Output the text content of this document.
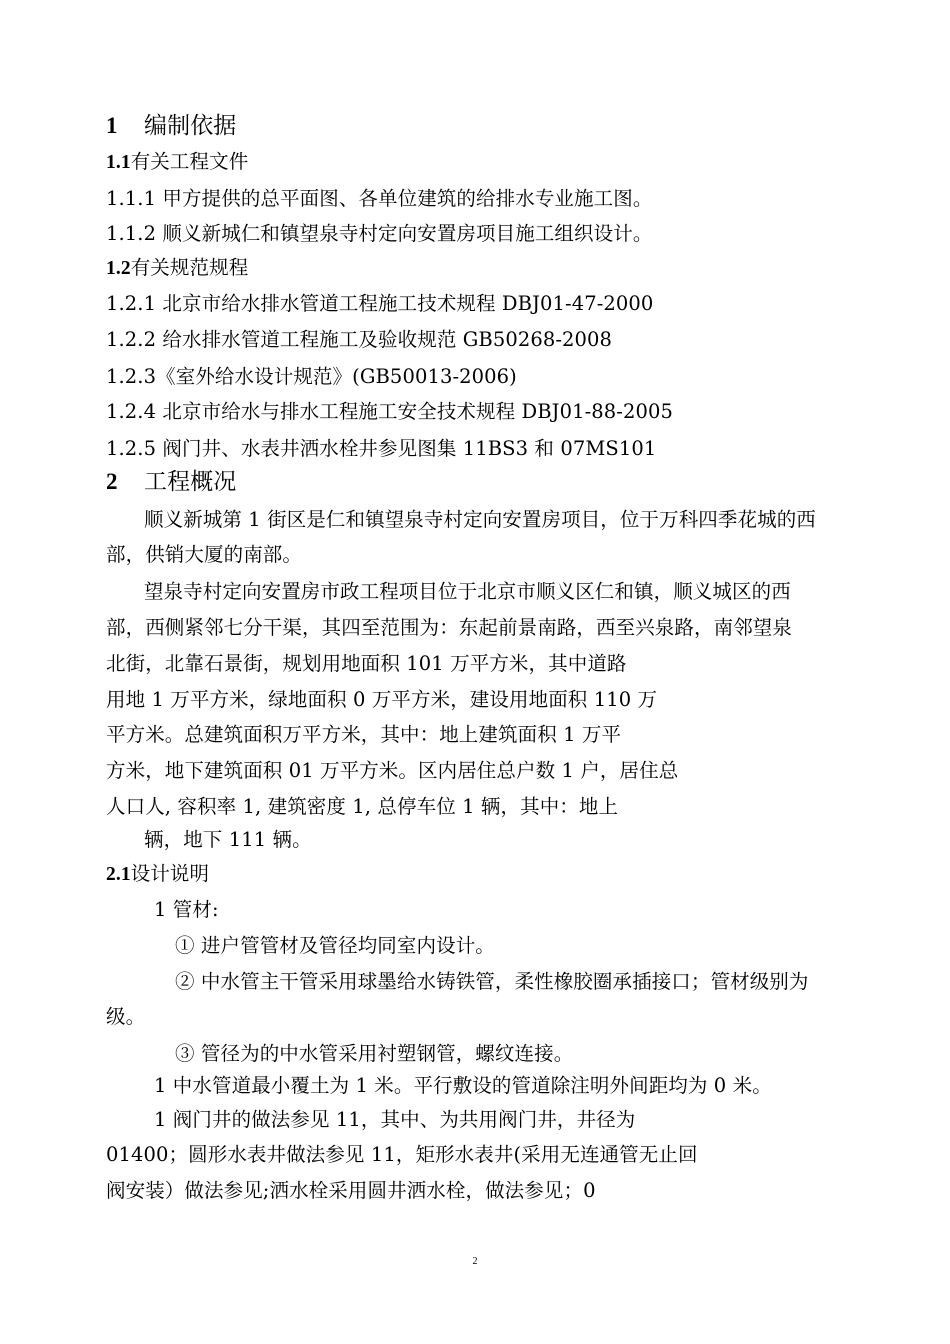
1 编制依据
1.1有关工程文件
1.1.1 甲方提供的总平面图、各单位建筑的给排水专业施工图。
1.1.2 顺义新城仁和镇望泉寺村定向安置房项目施工组织设计。
1.2有关规范规程
1.2.1 北京市给水排水管道工程施工技术规程 DBJ01-47-2000
1.2.2 给水排水管道工程施工及验收规范 GB50268-2008
1.2.3《室外给水设计规范》(GB50013-2006)
1.2.4 北京市给水与排水工程施工安全技术规程 DBJ01-88-2005
1.2.5 阀门井、水表井洒水栓井参见图集 11BS3 和 07MS101
2 工程概况
顺义新城第 1 街区是仁和镇望泉寺村定向安置房项目，位于万科四季花城的西
部，供销大厦的南部。
望泉寺村定向安置房市政工程项目位于北京市顺义区仁和镇，顺义城区的西
部，西侧紧邻七分干渠，其四至范围为：东起前景南路，西至兴泉路，南邻望泉
北街，北靠石景街，规划用地面积 101 万平方米，其中道路
用地 1 万平方米，绿地面积 0 万平方米，建设用地面积 110 万
平方米。总建筑面积万平方米，其中：地上建筑面积 1 万平
方米，地下建筑面积 01 万平方米。区内居住总户数 1 户，居住总
人口人, 容积率 1, 建筑密度 1, 总停车位 1 辆，其中：地上
辆，地下 111 辆。
2.1设计说明
1 管材:
① 进户管管材及管径均同室内设计。
② 中水管主干管采用球墨给水铸铁管，柔性橡胶圈承插接口；管材级别为
级。
③ 管径为的中水管采用衬塑钢管，螺纹连接。
1 中水管道最小覆土为 1 米。平行敷设的管道除注明外间距均为 0 米。
1 阀门井的做法参见 11，其中、为共用阀门井，井径为
01400；圆形水表井做法参见 11，矩形水表井(采用无连通管无止回
阀安装）做法参见;洒水栓采用圆井洒水栓，做法参见；0
2
